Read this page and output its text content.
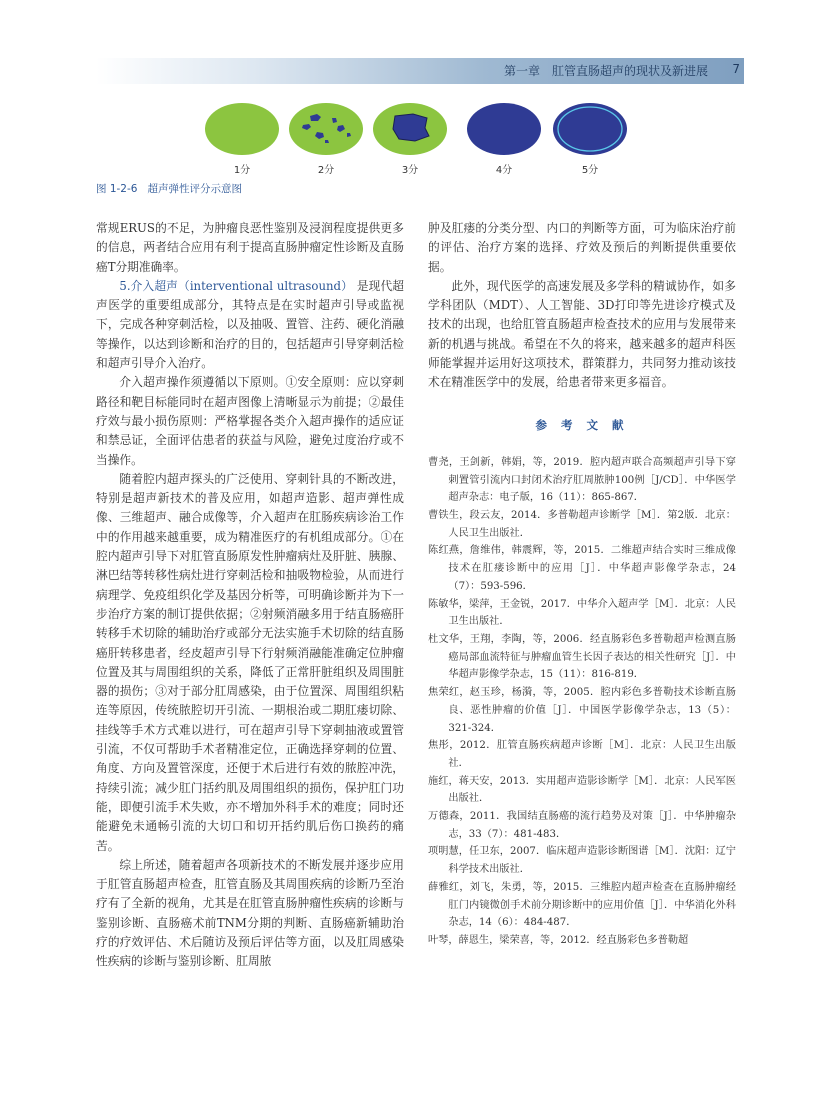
第一章　肛管直肠超声的现状及新进展 7
1分	2分	3分	4分	5分
图 1-2-6 超声弹性评分示意图

常规ERUS的不足，为肿瘤良恶性鉴别及浸润程度提供更多的信息，两者结合应用有利于提高直肠肿瘤定性诊断及直肠癌T分期准确率。

5.介入超声（interventional ultrasound） 是现代超声医学的重要组成部分，其特点是在实时超声引导或监视下，完成各种穿刺活检，以及抽吸、置管、注药、硬化消融等操作，以达到诊断和治疗的目的，包括超声引导穿刺活检和超声引导介入治疗。

介入超声操作须遵循以下原则。①安全原则：应以穿刺路径和靶目标能同时在超声图像上清晰显示为前提；②最佳疗效与最小损伤原则：严格掌握各类介入超声操作的适应证和禁忌证，全面评估患者的获益与风险，避免过度治疗或不当操作。

随着腔内超声探头的广泛使用、穿刺针具的不断改进，特别是超声新技术的普及应用，如超声造影、超声弹性成像、三维超声、融合成像等，介入超声在肛肠疾病诊治工作中的作用越来越重要，成为精准医疗的有机组成部分。①在腔内超声引导下对肛管直肠原发性肿瘤病灶及肝脏、胰腺、淋巴结等转移性病灶进行穿刺活检和抽吸物检验，从而进行病理学、免疫组织化学及基因分析等，可明确诊断并为下一步治疗方案的制订提供依据；②射频消融多用于结直肠癌肝转移手术切除的辅助治疗或部分无法实施手术切除的结直肠癌肝转移患者，经皮超声引导下行射频消融能准确定位肿瘤位置及其与周围组织的关系，降低了正常肝脏组织及周围脏器的损伤；③对于部分肛周感染，由于位置深、周围组织粘连等原因，传统脓腔切开引流、一期根治或二期肛瘘切除、挂线等手术方式难以进行，可在超声引导下穿刺抽液或置管引流，不仅可帮助手术者精准定位，正确选择穿刺的位置、角度、方向及置管深度，还便于术后进行有效的脓腔冲洗，持续引流；减少肛门括约肌及周围组织的损伤，保护肛门功能，即便引流手术失败，亦不增加外科手术的难度；同时还能避免未通畅引流的大切口和切开括约肌后伤口换药的痛苦。

综上所述，随着超声各项新技术的不断发展并逐步应用于肛管直肠超声检查，肛管直肠及其周围疾病的诊断乃至治疗有了全新的视角，尤其是在肛管直肠肿瘤性疾病的诊断与鉴别诊断、直肠癌术前TNM分期的判断、直肠癌新辅助治疗的疗效评估、术后随访及预后评估等方面，以及肛周感染性疾病的诊断与鉴别诊断、肛周脓

肿及肛瘘的分类分型、内口的判断等方面，可为临床治疗前的评估、治疗方案的选择、疗效及预后的判断提供重要依据。

此外，现代医学的高速发展及多学科的精诚协作，如多学科团队（MDT）、人工智能、3D打印等先进诊疗模式及技术的出现，也给肛管直肠超声检查技术的应用与发展带来新的机遇与挑战。希望在不久的将来，越来越多的超声科医师能掌握并运用好这项技术，群策群力，共同努力推动该技术在精准医学中的发展，给患者带来更多福音。

参 考 文 献

曹尧，王剑新，韩娟，等，2019．腔内超声联合高频超声引导下穿刺置管引流内口封闭术治疗肛周脓肿100例［J/CD］．中华医学超声杂志：电子版，16（11）：865-867．

曹铁生，段云友，2014．多普勒超声诊断学［M］．第2版．北京：人民卫生出版社．

陈红燕，詹维伟，韩震辉，等，2015．二维超声结合实时三维成像技术在肛瘘诊断中的应用［J］．中华超声影像学杂志，24（7）：593-596．

陈敏华，梁萍，王金锐，2017．中华介入超声学［M］．北京：人民卫生出版社．

杜文华，王翔，李陶，等，2006．经直肠彩色多普勒超声检测直肠癌局部血流特征与肿瘤血管生长因子表达的相关性研究［J］．中华超声影像学杂志，15（11）：816-819．

焦荣红，赵玉珍，杨漪，等，2005．腔内彩色多普勒技术诊断直肠良、恶性肿瘤的价值［J］．中国医学影像学杂志，13（5）：321-324．

焦彤，2012．肛管直肠疾病超声诊断［M］．北京：人民卫生出版社．

施红，蒋天安，2013．实用超声造影诊断学［M］．北京：人民军医出版社．

万德森，2011．我国结直肠癌的流行趋势及对策［J］．中华肿瘤杂志，33（7）：481-483．

项明慧，任卫东，2007．临床超声造影诊断图谱［M］．沈阳：辽宁科学技术出版社．

薛雅红，刘飞，朱勇，等，2015．三维腔内超声检查在直肠肿瘤经肛门内镜微创手术前分期诊断中的应用价值［J］．中华消化外科杂志，14（6）：484-487．

叶琴，薛恩生，梁荣喜，等，2012．经直肠彩色多普勒超
